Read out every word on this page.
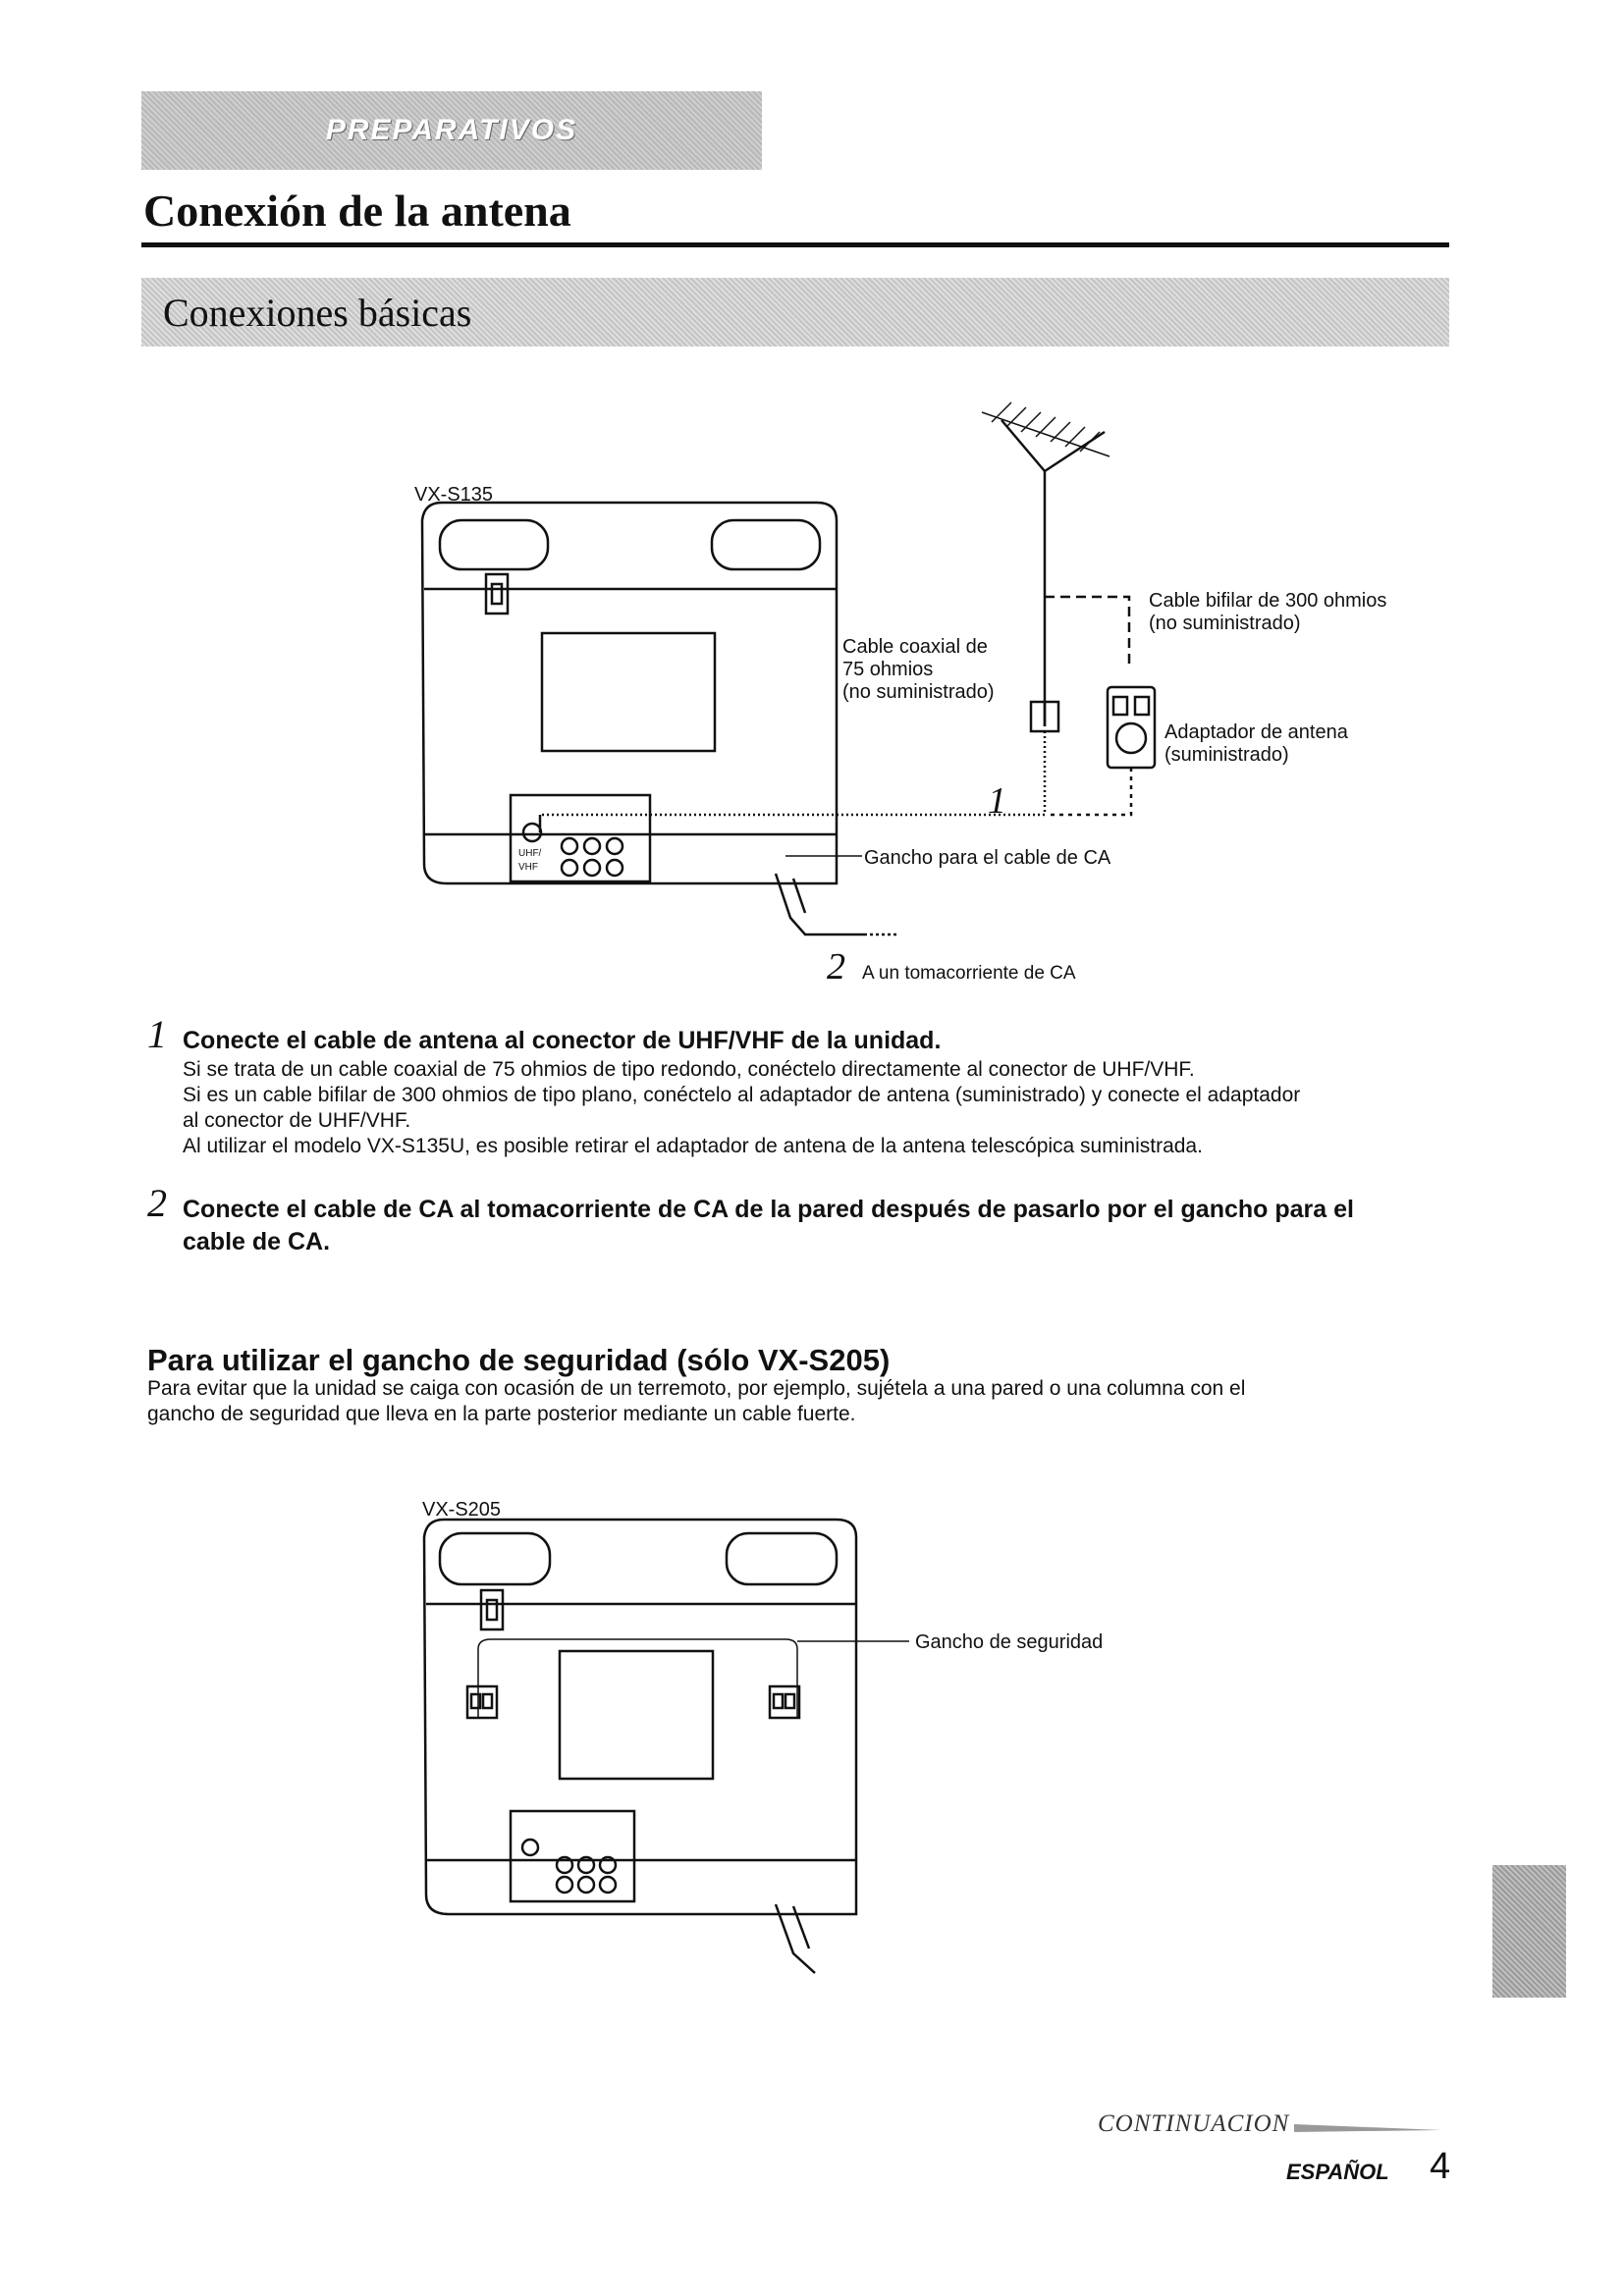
PREPARATIVOS
Conexión de la antena
Conexiones básicas
VX-S135
Cable coaxial de
75 ohmios
(no suministrado)
Cable bifilar de 300 ohmios
(no suministrado)
Adaptador de antena
(suministrado)
Gancho para el cable de CA
1
2 A un tomacorriente de CA
UHF/
VHF
1 Conecte el cable de antena al conector de UHF/VHF de la unidad.
Si se trata de un cable coaxial de 75 ohmios de tipo redondo, conéctelo directamente al conector de UHF/VHF.
Si es un cable bifilar de 300 ohmios de tipo plano, conéctelo al adaptador de antena (suministrado) y conecte el adaptador
al conector de UHF/VHF.
Al utilizar el modelo VX-S135U, es posible retirar el adaptador de antena de la antena telescópica suministrada.
2 Conecte el cable de CA al tomacorriente de CA de la pared después de pasarlo por el gancho para el
cable de CA.
Para utilizar el gancho de seguridad (sólo VX-S205)
Para evitar que la unidad se caiga con ocasión de un terremoto, por ejemplo, sujétela a una pared o una columna con el
gancho de seguridad que lleva en la parte posterior mediante un cable fuerte.
VX-S205
Gancho de seguridad
CONTINUACION
ESPAÑOL 4
